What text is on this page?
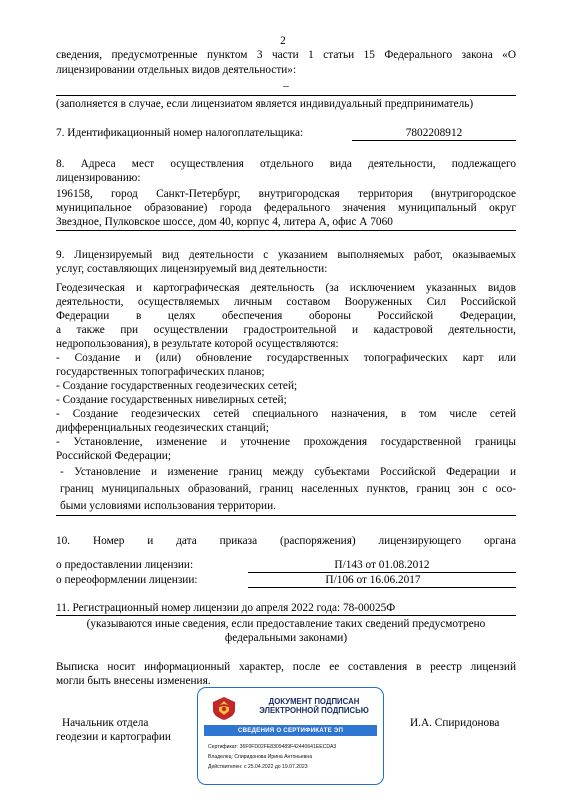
2
сведения, предусмотренные пунктом 3 части 1 статьи 15 Федерального закона «О
лицензировании отдельных видов деятельности»:
–
(заполняется в случае, если лицензиатом является индивидуальный предприниматель)
7. Идентификационный номер налогоплательщика:	7802208912
8. Адреса мест осуществления отдельного вида деятельности, подлежащего
лицензированию:
196158, город Санкт-Петербург, внутригородская территория (внутригородское
муниципальное образование) города федерального значения муниципальный округ
Звездное, Пулковское шоссе, дом 40, корпус 4, литера А, офис А 7060
9. Лицензируемый вид деятельности с указанием выполняемых работ, оказываемых
услуг, составляющих лицензируемый вид деятельности:
Геодезическая и картографическая деятельность (за исключением указанных видов
деятельности, осуществляемых личным составом Вооруженных Сил Российской
Федерации в целях обеспечения обороны Российской Федерации,
а также при осуществлении градостроительной и кадастровой деятельности,
недропользования), в результате которой осуществляются:
- Создание и (или) обновление государственных топографических карт или
государственных топографических планов;
- Создание государственных геодезических сетей;
- Создание государственных нивелирных сетей;
- Создание геодезических сетей специального назначения, в том числе сетей
дифференциальных геодезических станций;
- Установление, изменение и уточнение прохождения государственной границы
Российской Федерации;
- Установление и изменение границ между субъектами Российской Федерации и
границ муниципальных образований, границ населенных пунктов, границ зон с осо-
быми условиями использования территории.
10. Номер и дата приказа (распоряжения) лицензирующего органа
о предоставлении лицензии:	П/143 от 01.08.2012
о переоформлении лицензии:	П/106 от 16.06.2017
11. Регистрационный номер лицензии до апреля 2022 года: 78-00025Ф
(указываются иные сведения, если предоставление таких сведений предусмотрено
федеральными законами)
Выписка носит информационный характер, после ее составления в реестр лицензий
могли быть внесены изменения.
Начальник отдела
геодезии и картографии
И.А. Спиридонова
ДОКУМЕНТ ПОДПИСАН
ЭЛЕКТРОННОЙ ПОДПИСЬЮ
СВЕДЕНИЯ О СЕРТИФИКАТЕ ЭП
Сертификат: 36F0FD02FE8309489F42440641EECDA3
Владелец: Спиридонова Ирина Антоньевна
Действителен: с 25.04.2022 до 19.07.2023
